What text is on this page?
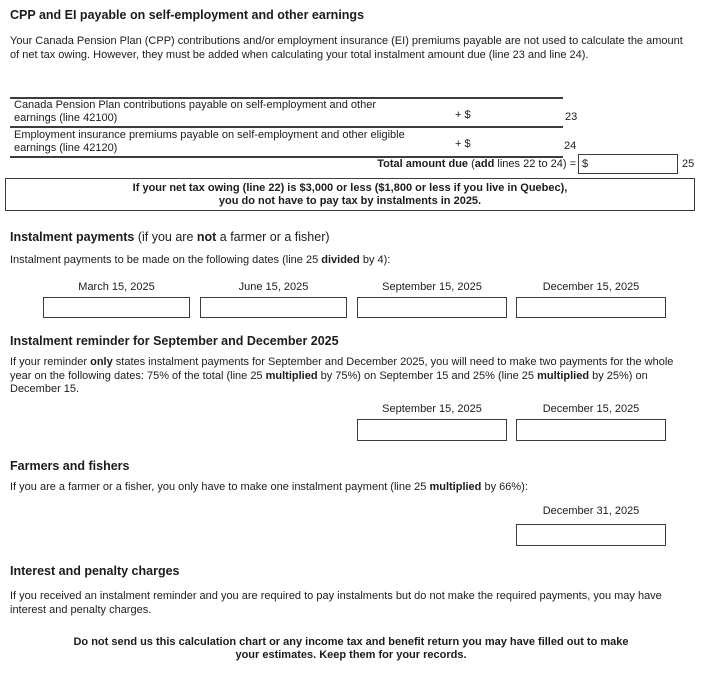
CPP and EI payable on self-employment and other earnings
Your Canada Pension Plan (CPP) contributions and/or employment insurance (EI) premiums payable are not used to calculate the amount of net tax owing. However, they must be added when calculating your total instalment amount due (line 23 and line 24).
Canada Pension Plan contributions payable on self-employment and other
earnings (line 42100)	+ $	23
Employment insurance premiums payable on self-employment and other eligible
earnings (line 42120)	+ $	24
Total amount due (add lines 22 to 24) = $	25
If your net tax owing (line 22) is $3,000 or less ($1,800 or less if you live in Quebec),
you do not have to pay tax by instalments in 2025.
Instalment payments (if you are not a farmer or a fisher)
Instalment payments to be made on the following dates (line 25 divided by 4):
March 15, 2025	June 15, 2025	September 15, 2025	December 15, 2025
Instalment reminder for September and December 2025
If your reminder only states instalment payments for September and December 2025, you will need to make two payments for the whole year on the following dates: 75% of the total (line 25 multiplied by 75%) on September 15 and 25% (line 25 multiplied by 25%) on December 15.
September 15, 2025	December 15, 2025
Farmers and fishers
If you are a farmer or a fisher, you only have to make one instalment payment (line 25 multiplied by 66%):
December 31, 2025
Interest and penalty charges
If you received an instalment reminder and you are required to pay instalments but do not make the required payments, you may have interest and penalty charges.
Do not send us this calculation chart or any income tax and benefit return you may have filled out to make
your estimates. Keep them for your records.
